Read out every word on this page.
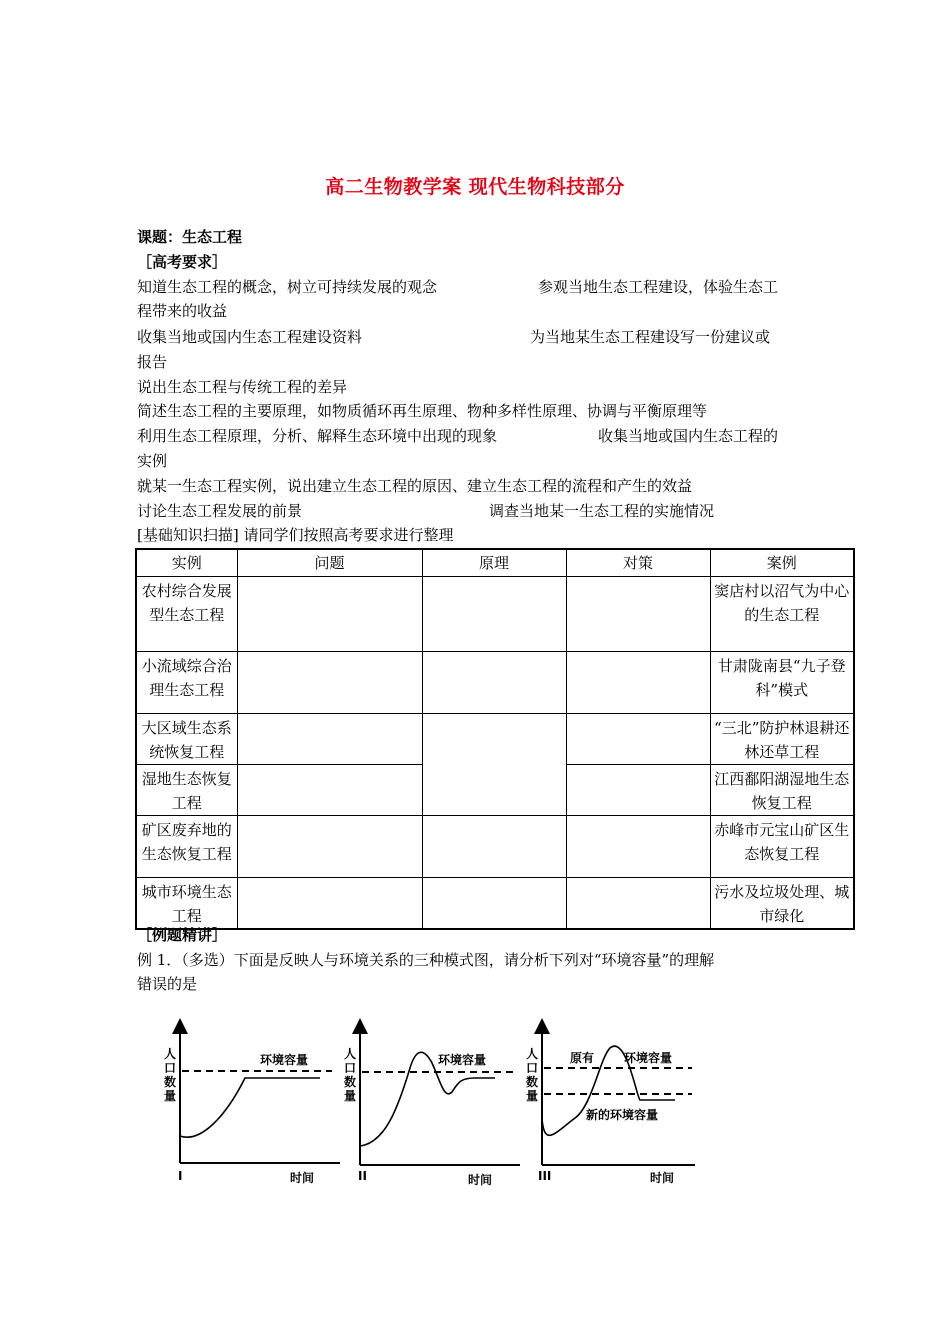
高二生物教学案 现代生物科技部分
课题：生态工程
［高考要求］
知道生态工程的概念，树立可持续发展的观念	参观当地生态工程建设，体验生态工
程带来的收益
收集当地或国内生态工程建设资料	为当地某生态工程建设写一份建议或
报告
说出生态工程与传统工程的差异
简述生态工程的主要原理，如物质循环再生原理、物种多样性原理、协调与平衡原理等
利用生态工程原理，分析、解释生态环境中出现的现象	收集当地或国内生态工程的
实例
就某一生态工程实例，说出建立生态工程的原因、建立生态工程的流程和产生的效益
讨论生态工程发展的前景	调查当地某一生态工程的实施情况
[基础知识扫描] 请同学们按照高考要求进行整理
实例	问题	原理	对策	案例

农村综合发展型生态工程				窦店村以沼气为中心的生态工程

小流域综合治理生态工程				甘肃陇南县“九子登科”模式

大区域生态系统恢复工程				“三北”防护林退耕还林还草工程

湿地生态恢复工程				江西鄱阳湖湿地生态恢复工程

矿区废弃地的生态恢复工程				赤峰市元宝山矿区生态恢复工程

城市环境生态工程				污水及垃圾处理、城市绿化
［例题精讲］
例 1．（多选）下面是反映人与环境关系的三种模式图，请分析下列对“环境容量”的理解
错误的是
环境容量
人
口
数
量
I	时间
环境容量
人
口
数
量
II	时间
原有 环境容量
新的环境容量
人
口
数
量
III	时间
